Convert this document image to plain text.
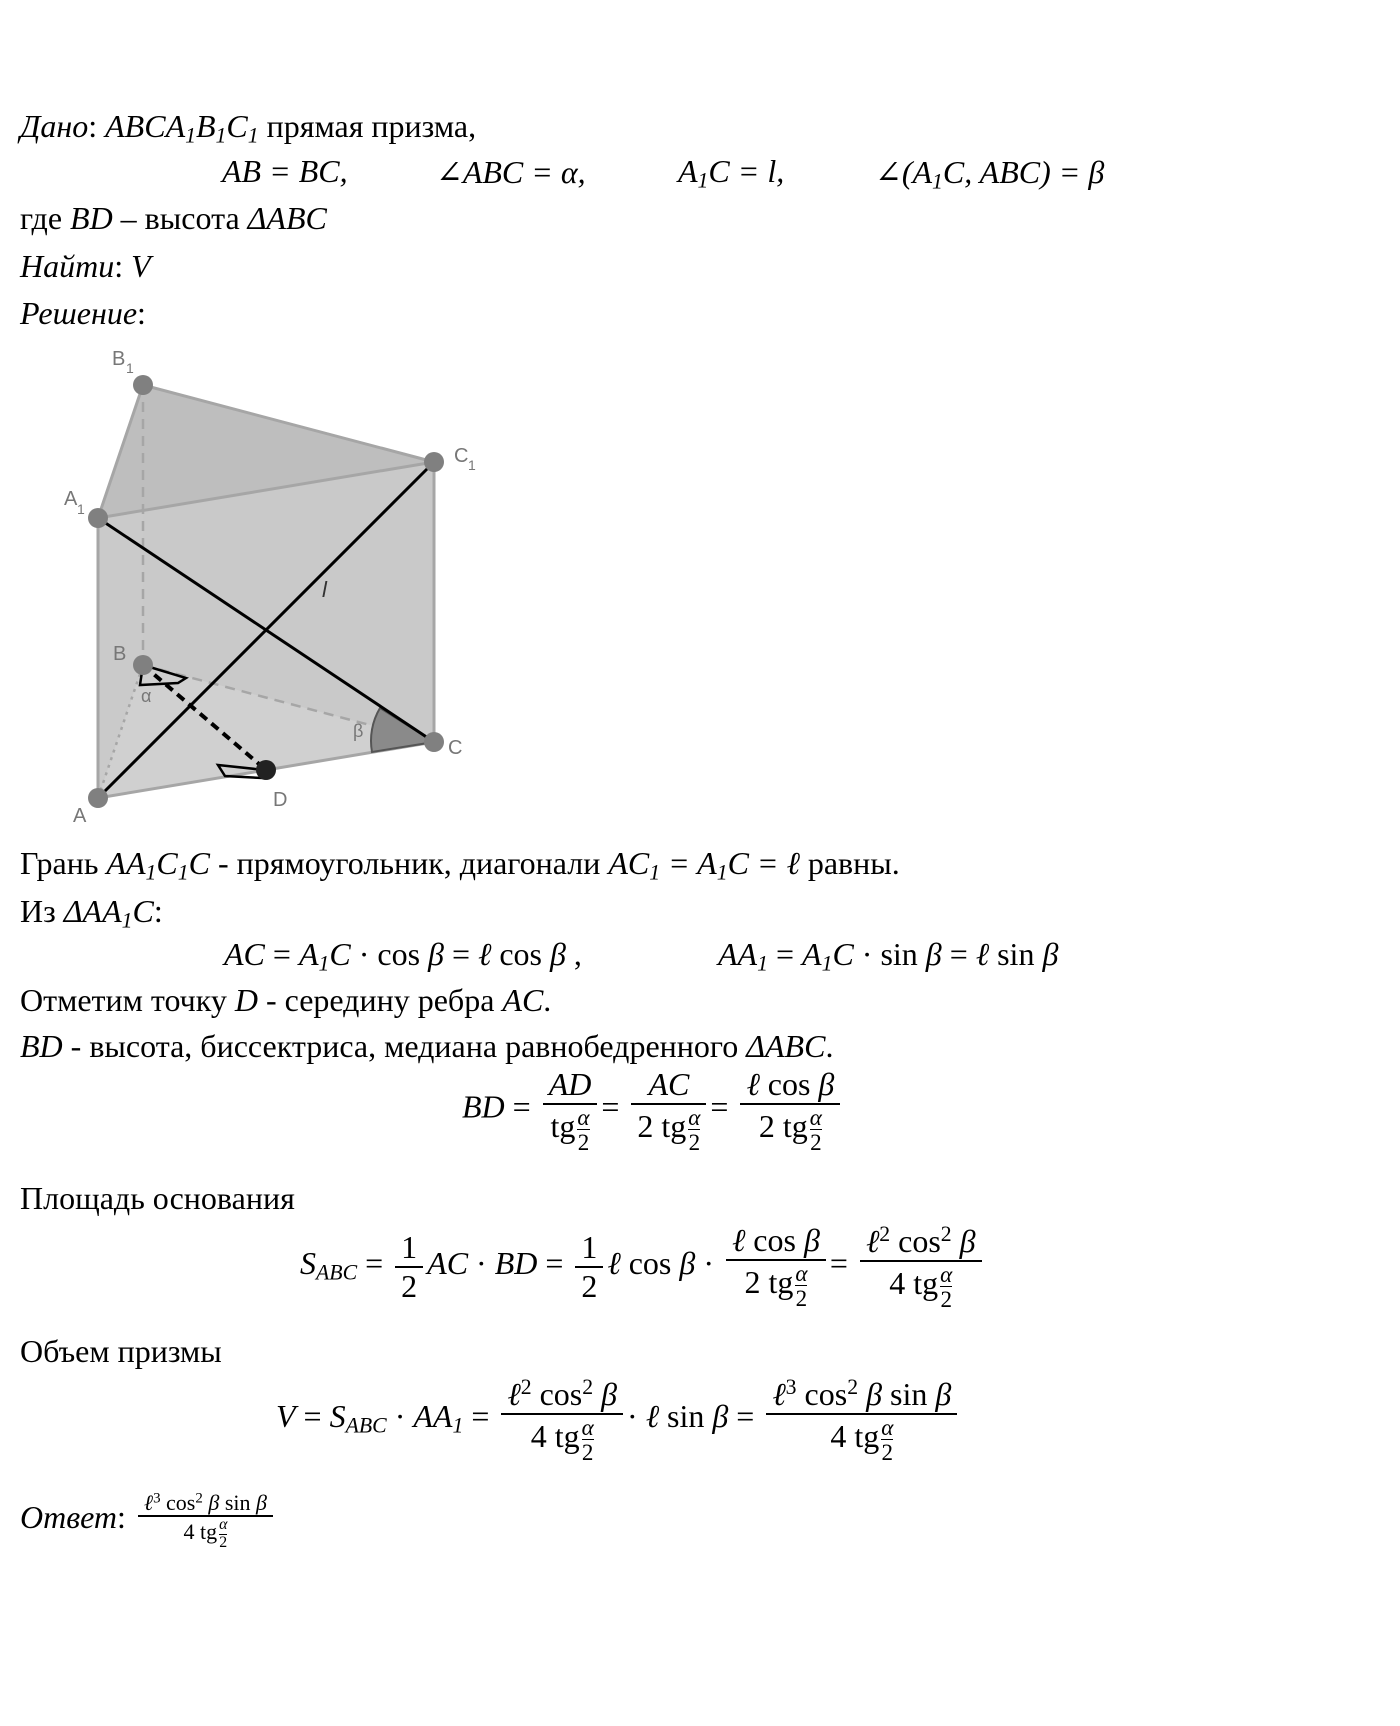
Дано: $ABCA_1B_1C_1$ прямая призма,
AB = BC,	∠ABC = α,	$A_1C = l$,	$\angle(A_1C$, ABC) = β
где BD – высота ΔABC
Найти: V
Решение:
B 1
C 1
A 1
B
C
A
D
α
β
l
Грань $AA_1C_1C$ - прямоугольник, диагонали $AC_1 = A_1C$ = ℓ равны.
Из $\Delta AA_1C$:
AC = $A_1C \cdot \cos \beta$ = ℓ cos β ,	$AA_1 = A_1C \cdot \sin \beta$ = ℓ sin β
Отметим точку D - середину ребра AC.
BD - высота, биссектриса, медиана равнобедренного ΔABC.
BD = $\frac{AD}{tg \frac{\alpha}{2}} = \frac{AC}{2 tg \frac{\alpha}{2}} = \frac{\text{ℓ cos β}}{2 tg \frac{\alpha}{2}}$
Площадь основания
$S_{ABC} = \frac{1}{2}$ AC · BD = $\frac{1}{2}$ ℓ $\cos \beta \cdot \frac{\text{ℓ cos β}}{2 tg \frac{\alpha}{2}} = \frac{\ell^2 \cos^2 \beta}{4 tg \frac{\alpha}{2}}$
Объем призмы
$V = S_{ABC} \cdot AA_1 = \frac{\ell^2 \cos^2 \beta}{4 tg \frac{\alpha}{2}}$ · ℓ $\sin \beta = \frac{\ell^3 \cos^2 \beta \sin \beta}{4 tg \frac{\alpha}{2}}$
Ответ: $\frac{\ell^3 \cos^2 \beta \sin \beta}{4 tg \frac{\alpha}{2}}$
